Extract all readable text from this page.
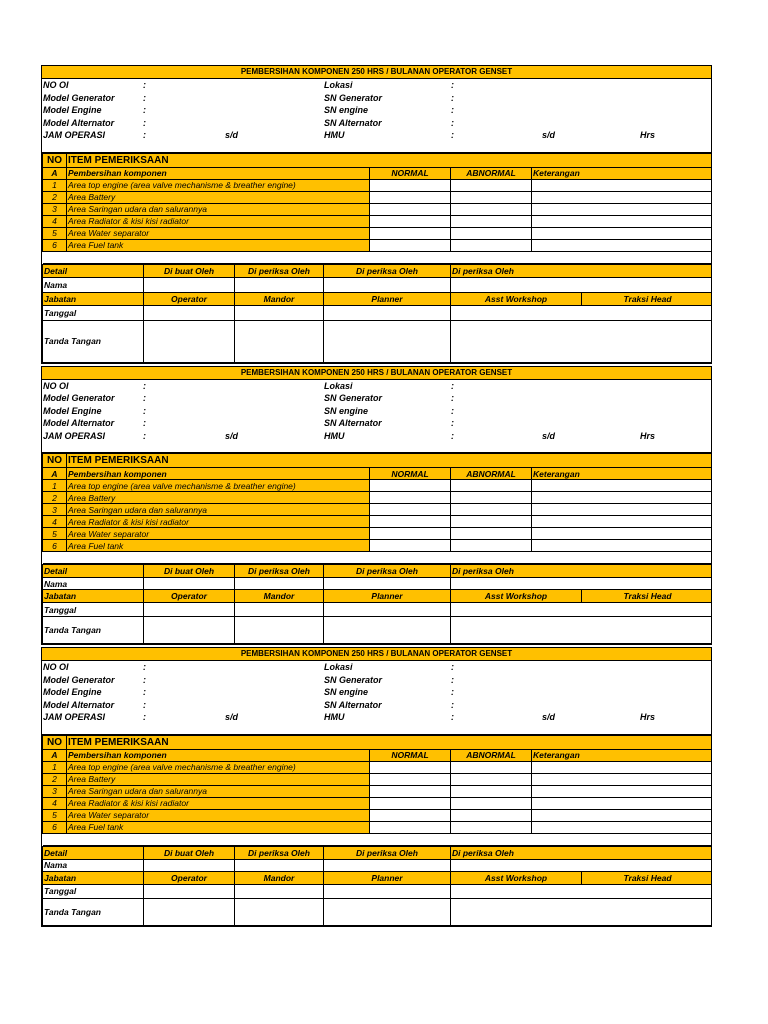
PEMBERSIHAN KOMPONEN 250 HRS / BULANAN OPERATOR GENSET
NO OI	:	Lokasi	:
Model Generator	:	SN Generator	:
Model Engine	:	SN engine	:
Model Alternator	:	SN Alternator	:
JAM OPERASI	:	s/d	HMU	:	s/d	Hrs
NO	ITEM PEMERIKSAAN			
A	Pembersihan komponen	NORMAL	ABNORMAL	Keterangan
1	Area top engine (area valve mechanisme & breather engine)			
2	Area Battery			
3	Area Saringan udara dan salurannya			
4	Area Radiator & kisi kisi radiator			
5	Area Water separator			
6	Area Fuel tank			

Detail	Di buat Oleh	Di periksa Oleh	Di periksa Oleh	Di periksa Oleh	
Nama					
Jabatan	Operator	Mandor	Planner	Asst Workshop	Traksi Head
Tanggal					
Tanda Tangan					
PEMBERSIHAN KOMPONEN 250 HRS / BULANAN OPERATOR GENSET
NO OI	:	Lokasi	:
Model Generator	:	SN Generator	:
Model Engine	:	SN engine	:
Model Alternator	:	SN Alternator	:
JAM OPERASI	:	s/d	HMU	:	s/d	Hrs
NO	ITEM PEMERIKSAAN			
A	Pembersihan komponen	NORMAL	ABNORMAL	Keterangan
1	Area top engine (area valve mechanisme & breather engine)			
2	Area Battery			
3	Area Saringan udara dan salurannya			
4	Area Radiator & kisi kisi radiator			
5	Area Water separator			
6	Area Fuel tank			

Detail	Di buat Oleh	Di periksa Oleh	Di periksa Oleh	Di periksa Oleh	
Nama					
Jabatan	Operator	Mandor	Planner	Asst Workshop	Traksi Head
Tanggal					
Tanda Tangan					
PEMBERSIHAN KOMPONEN 250 HRS / BULANAN OPERATOR GENSET
NO OI	:	Lokasi	:
Model Generator	:	SN Generator	:
Model Engine	:	SN engine	:
Model Alternator	:	SN Alternator	:
JAM OPERASI	:	s/d	HMU	:	s/d	Hrs
NO	ITEM PEMERIKSAAN			
A	Pembersihan komponen	NORMAL	ABNORMAL	Keterangan
1	Area top engine (area valve mechanisme & breather engine)			
2	Area Battery			
3	Area Saringan udara dan salurannya			
4	Area Radiator & kisi kisi radiator			
5	Area Water separator			
6	Area Fuel tank			

Detail	Di buat Oleh	Di periksa Oleh	Di periksa Oleh	Di periksa Oleh	
Nama					
Jabatan	Operator	Mandor	Planner	Asst Workshop	Traksi Head
Tanggal					
Tanda Tangan					
